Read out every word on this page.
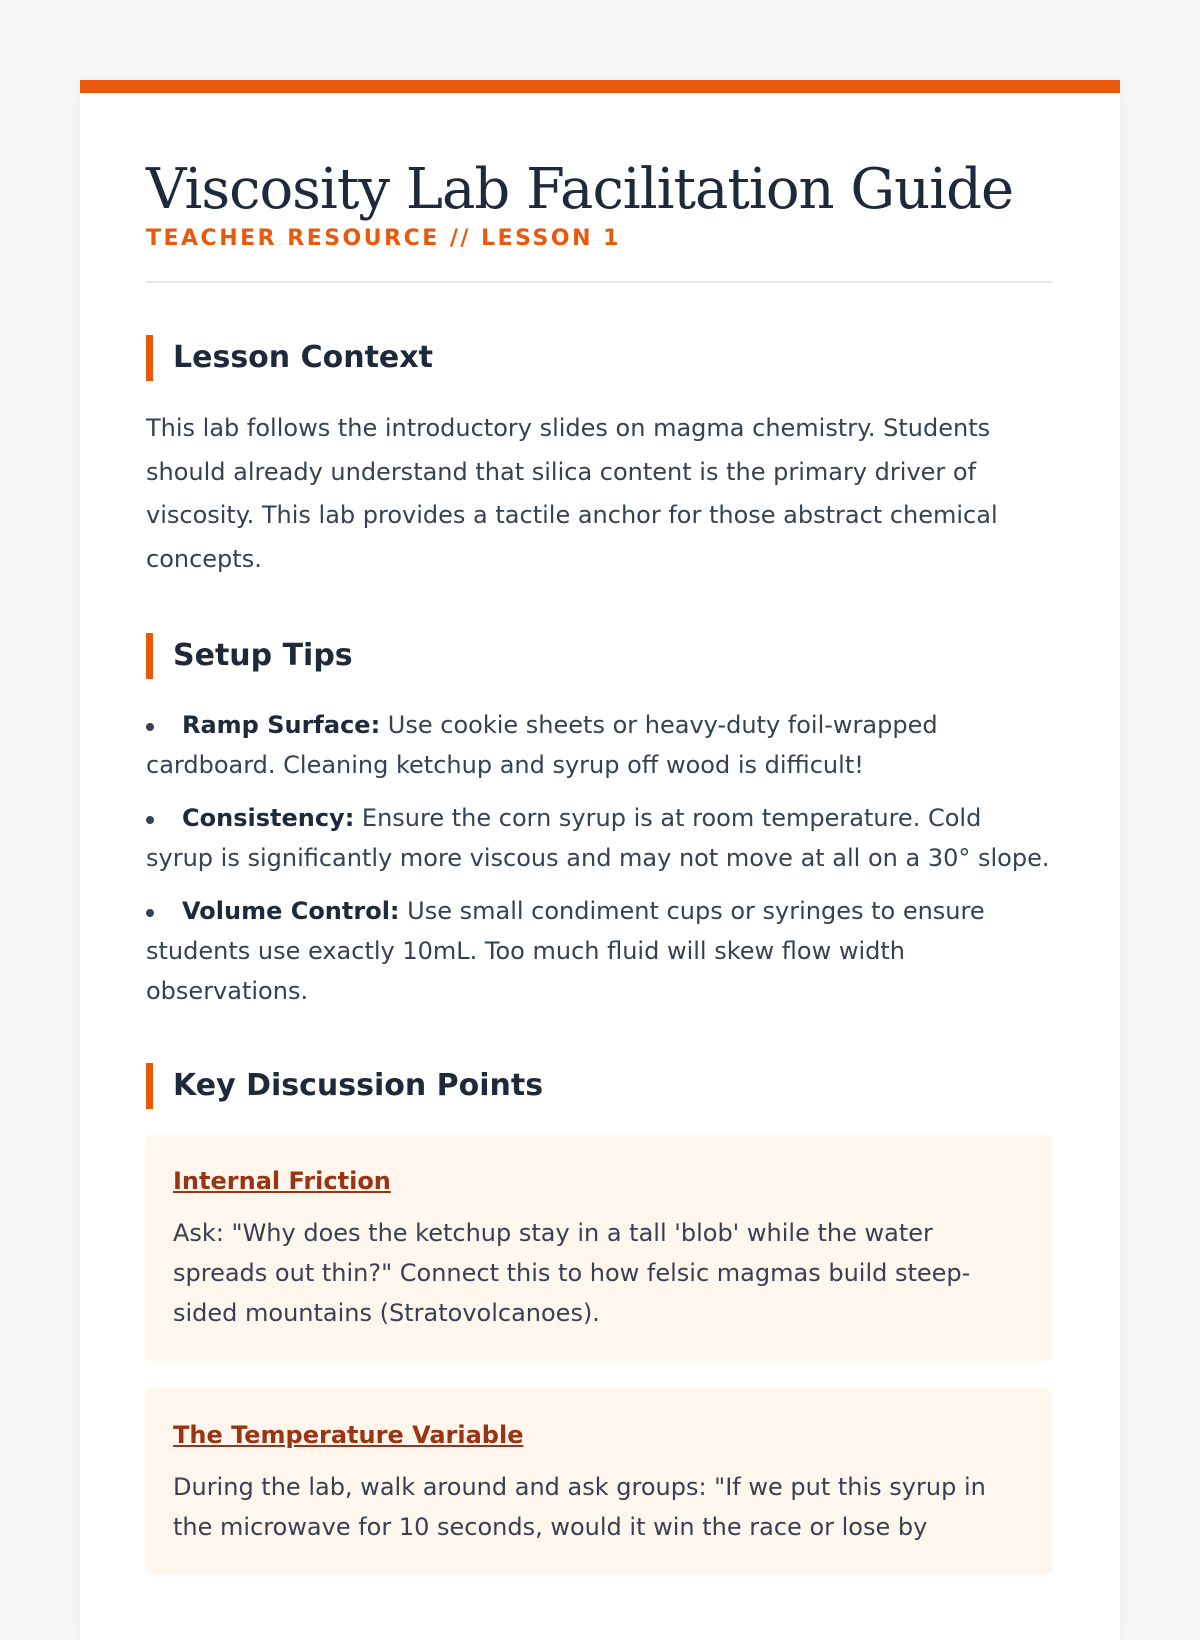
Viscosity Lab Facilitation Guide
TEACHER RESOURCE // LESSON 1
Lesson Context

This lab follows the introductory slides on magma chemistry. Students should already understand that silica content is the primary driver of viscosity. This lab provides a tactile anchor for those abstract chemical concepts.

Setup Tips
Ramp Surface: Use cookie sheets or heavy-duty foil-wrapped cardboard. Cleaning ketchup and syrup off wood is difficult!
Consistency: Ensure the corn syrup is at room temperature. Cold syrup is significantly more viscous and may not move at all on a 30° slope.
Volume Control: Use small condiment cups or syringes to ensure students use exactly 10mL. Too much fluid will skew flow width observations.
Key Discussion Points
Internal Friction
Ask: "Why does the ketchup stay in a tall 'blob' while the water spreads out thin?" Connect this to how felsic magmas build steep-sided mountains (Stratovolcanoes).
The Temperature Variable
During the lab, walk around and ask groups: "If we put this syrup in the microwave for 10 seconds, would it win the race or lose by
